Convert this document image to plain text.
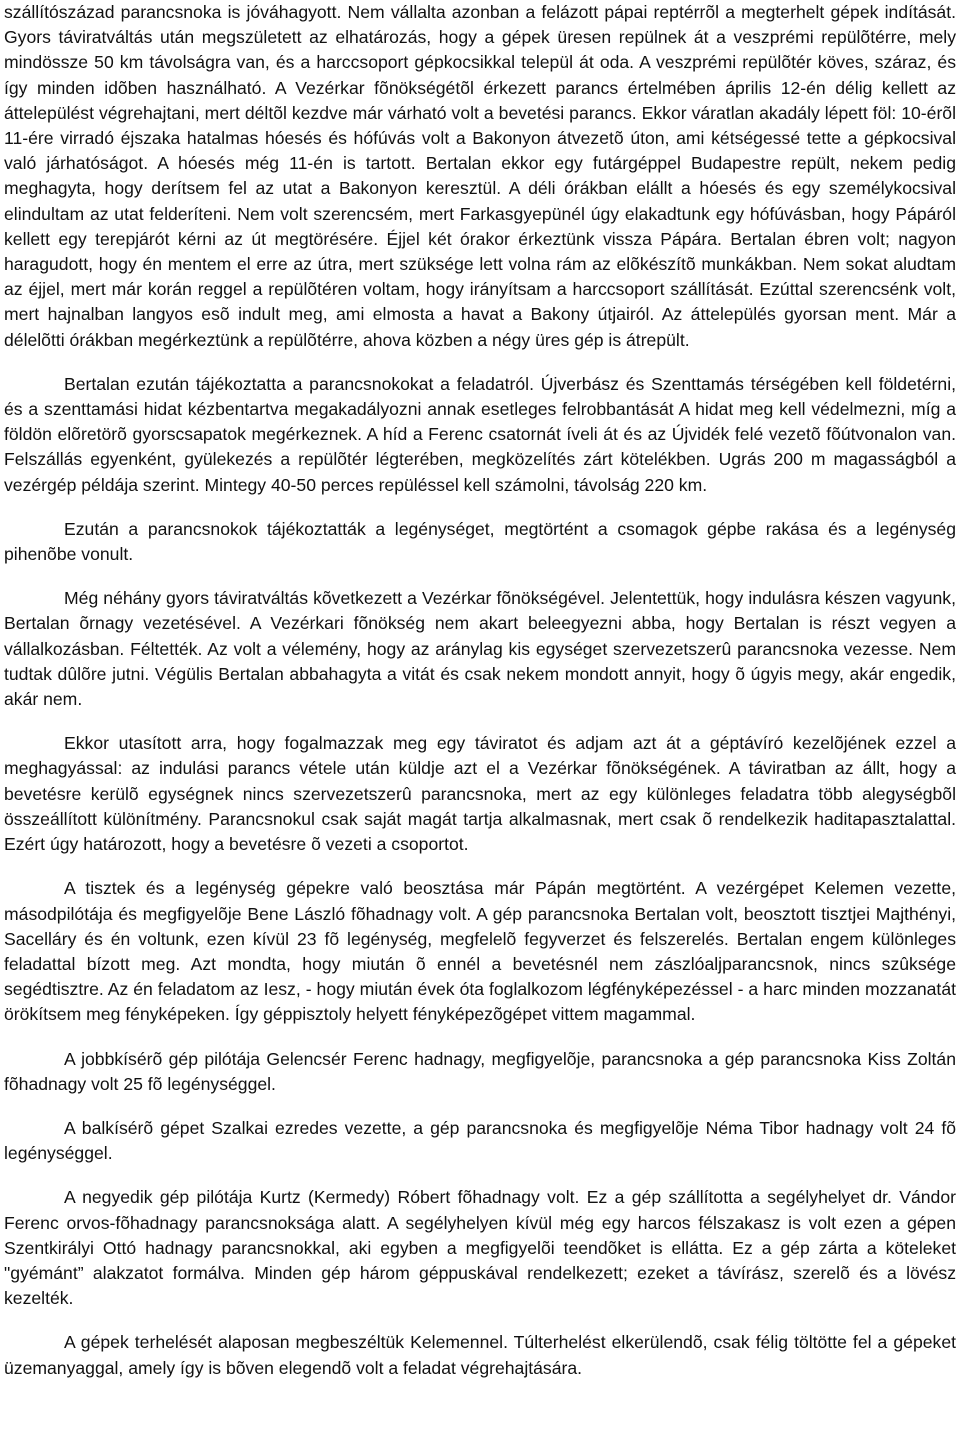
szállítószázad parancsnoka is jóváhagyott. Nem vállalta azonban a felázott pápai reptérrõl a megterhelt gépek indítását. Gyors táviratváltás után megszületett az elhatározás, hogy a gépek üresen repülnek át a veszprémi repülõtérre, mely mindössze 50 km távolságra van, és a harccsoport gépkocsikkal települ át oda. A veszprémi repülõtér köves, száraz, és így minden idõben használható. A Vezérkar fõnökségétõl érkezett parancs értelmében április 12-én délig kellett az áttelepülést végrehajtani, mert déltõl kezdve már várható volt a bevetési parancs. Ekkor váratlan akadály lépett föl: 10-érõl 11-ére virradó éjszaka hatalmas hóesés és hófúvás volt a Bakonyon átvezetõ úton, ami kétségessé tette a gépkocsival való járhatóságot. A hóesés még 11-én is tartott. Bertalan ekkor egy futárgéppel Budapestre repült, nekem pedig meghagyta, hogy derítsem fel az utat a Bakonyon keresztül. A déli órákban elállt a hóesés és egy személykocsival elindultam az utat felderíteni. Nem volt szerencsém, mert Farkasgyepünél úgy elakadtunk egy hófúvásban, hogy Pápáról kellett egy terepjárót kérni az út megtörésére. Éjjel két órakor érkeztünk vissza Pápára. Bertalan ébren volt; nagyon haragudott, hogy én mentem el erre az útra, mert szüksége lett volna rám az elõkészítõ munkákban. Nem sokat aludtam az éjjel, mert már korán reggel a repülõtéren voltam, hogy irányítsam a harccsoport szállítását. Ezúttal szerencsénk volt, mert hajnalban langyos esõ indult meg, ami elmosta a havat a Bakony útjairól. Az áttelepülés gyorsan ment. Már a délelõtti órákban megérkeztünk a repülõtérre, ahova közben a négy üres gép is átrepült.

Bertalan ezután tájékoztatta a parancsnokokat a feladatról. Újverbász és Szenttamás térségében kell földetérni, és a szenttamási hidat kézbentartva megakadályozni annak esetleges felrobbantását A hidat meg kell védelmezni, míg a földön elõretörõ gyorscsapatok megérkeznek. A híd a Ferenc csatornát íveli át és az Újvidék felé vezetõ fõútvonalon van. Felszállás egyenként, gyülekezés a repülõtér légterében, megközelítés zárt kötelékben. Ugrás 200 m magasságból a vezérgép példája szerint. Mintegy 40-50 perces repüléssel kell számolni, távolság 220 km.

Ezután a parancsnokok tájékoztatták a legénységet, megtörtént a csomagok gépbe rakása és a legénység pihenõbe vonult.

Még néhány gyors táviratváltás kõvetkezett a Vezérkar fõnökségével. Jelentettük, hogy indulásra készen vagyunk, Bertalan õrnagy vezetésével. A Vezérkari fõnökség nem akart beleegyezni abba, hogy Bertalan is részt vegyen a vállalkozásban. Féltették. Az volt a vélemény, hogy az aránylag kis egységet szervezetszerû parancsnoka vezesse. Nem tudtak dûlõre jutni. Végülis Bertalan abbahagyta a vitát és csak nekem mondott annyit, hogy õ úgyis megy, akár engedik, akár nem.

Ekkor utasított arra, hogy fogalmazzak meg egy táviratot és adjam azt át a géptávíró kezelõjének ezzel a meghagyással: az indulási parancs vétele után küldje azt el a Vezérkar fõnökségének. A táviratban az állt, hogy a bevetésre kerülõ egységnek nincs szervezetszerû parancsnoka, mert az egy különleges feladatra több alegységbõl összeállított különítmény. Parancsnokul csak saját magát tartja alkalmasnak, mert csak õ rendelkezik haditapasztalattal. Ezért úgy határozott, hogy a bevetésre õ vezeti a csoportot.

A tisztek és a legénység gépekre való beosztása már Pápán megtörtént. A vezérgépet Kelemen vezette, másodpilótája és megfigyelõje Bene László fõhadnagy volt. A gép parancsnoka Bertalan volt, beosztott tisztjei Majthényi, Sacelláry és én voltunk, ezen kívül 23 fõ legénység, megfelelõ fegyverzet és felszerelés. Bertalan engem különleges feladattal bízott meg. Azt mondta, hogy miután õ ennél a bevetésnél nem zászlóaljparancsnok, nincs szûksége segédtisztre. Az én feladatom az Iesz, - hogy miután évek óta foglalkozom légfényképezéssel - a harc minden mozzanatát örökítsem meg fényképeken. Így géppisztoly helyett fényképezõgépet vittem magammal.

A jobbkísérõ gép pilótája Gelencsér Ferenc hadnagy, megfigyelõje, parancsnoka a gép parancsnoka Kiss Zoltán fõhadnagy volt 25 fõ legénységgel.

A balkísérõ gépet Szalkai ezredes vezette, a gép parancsnoka és megfigyelõje Néma Tibor hadnagy volt 24 fõ legénységgel.

A negyedik gép pilótája Kurtz (Kermedy) Róbert fõhadnagy volt. Ez a gép szállította a segélyhelyet dr. Vándor Ferenc orvos-fõhadnagy parancsnoksága alatt. A segélyhelyen kívül még egy harcos félszakasz is volt ezen a gépen Szentkirályi Ottó hadnagy parancsnokkal, aki egyben a megfigyelõi teendõket is ellátta. Ez a gép zárta a köteleket "gyémánt” alakzatot formálva. Minden gép három géppuskával rendelkezett; ezeket a távírász, szerelõ és a lövész kezelték.

A gépek terhelését alaposan megbeszéltük Kelemennel. Túlterhelést elkerülendõ, csak félig töltötte fel a gépeket üzemanyaggal, amely így is bõven elegendõ volt a feladat végrehajtására.
